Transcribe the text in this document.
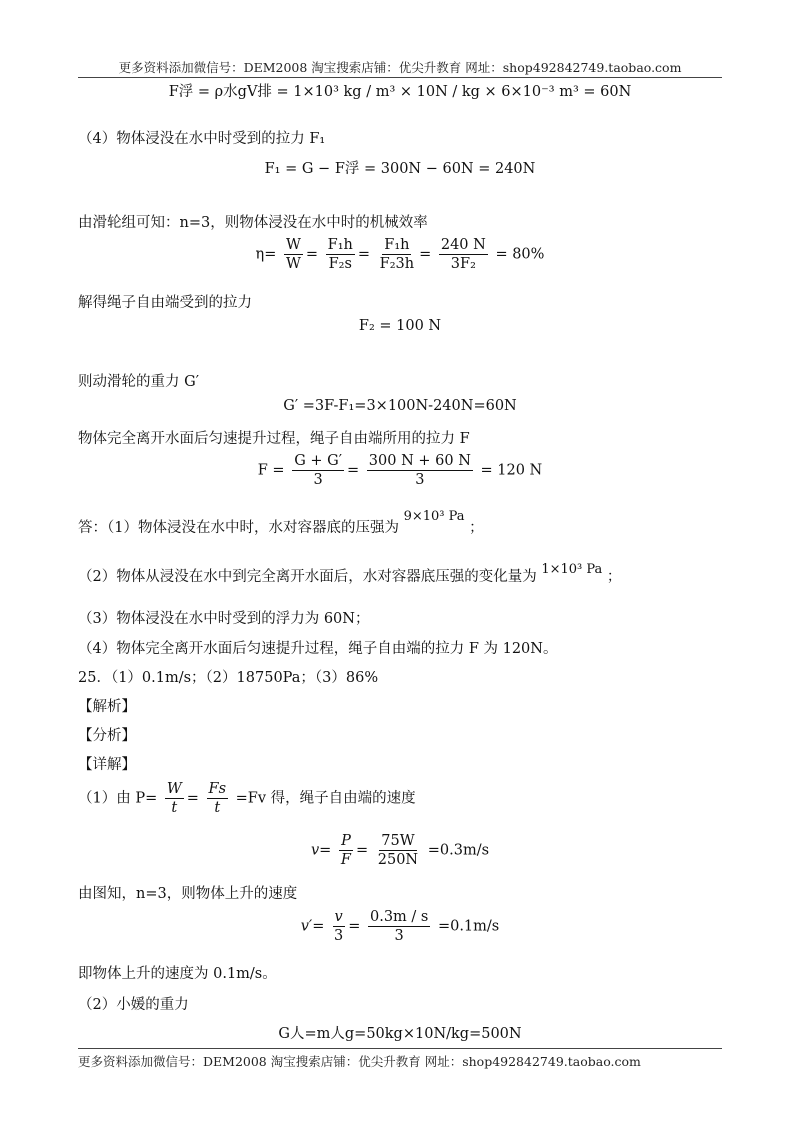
更多资料添加微信号：DEM2008 淘宝搜索店铺：优尖升教育 网址：shop492842749.taobao.com
F浮 = ρ水gV排 = 1×10³ kg / m³ × 10N / kg × 6×10⁻³ m³ = 60N
（4）物体浸没在水中时受到的拉力 F₁
F₁ = G − F浮 = 300N − 60N = 240N
由滑轮组可知：n=3，则物体浸没在水中时的机械效率
$\eta= \frac{W}{W} = \frac{\text{F₁h}}{\text{F₂s}} = \frac{\text{F₁h}}{\text{F₂3h}} = \frac{240 N}{\text{3F₂}} = 80\%$
解得绳子自由端受到的拉力
F₂ = 100 N
则动滑轮的重力 G′
G′ =3F-F₁=3×100N-240N=60N
物体完全离开水面后匀速提升过程，绳子自由端所用的拉力 F
$F = \frac{G + G'}{3} = \frac{300 N + 60 N}{3} = 120$ N
答：（1）物体浸没在水中时，水对容器底的压强为 9×10³ Pa ；
（2）物体从浸没在水中到完全离开水面后，水对容器底压强的变化量为 1×10³ Pa ；
（3）物体浸没在水中时受到的浮力为 60N；
（4）物体完全离开水面后匀速提升过程，绳子自由端的拉力 F 为 120N。
25．（1）0.1m/s；（2）18750Pa；（3）86%
【解析】
【分析】
【详解】
（1）由 $P= \frac{W}{t} = \frac{Fs}{t} =Fv$ 得，绳子自由端的速度
$v= \frac{P}{F} = \frac{75W}{250N} =0.3m/s$
由图知，n=3，则物体上升的速度
$v'= \frac{v}{3} = \frac{0.3m / s}{3} =0.1m/s$
即物体上升的速度为 0.1m/s。
（2）小媛的重力
G人=m人g=50kg×10N/kg=500N
更多资料添加微信号：DEM2008 淘宝搜索店铺：优尖升教育 网址：shop492842749.taobao.com
